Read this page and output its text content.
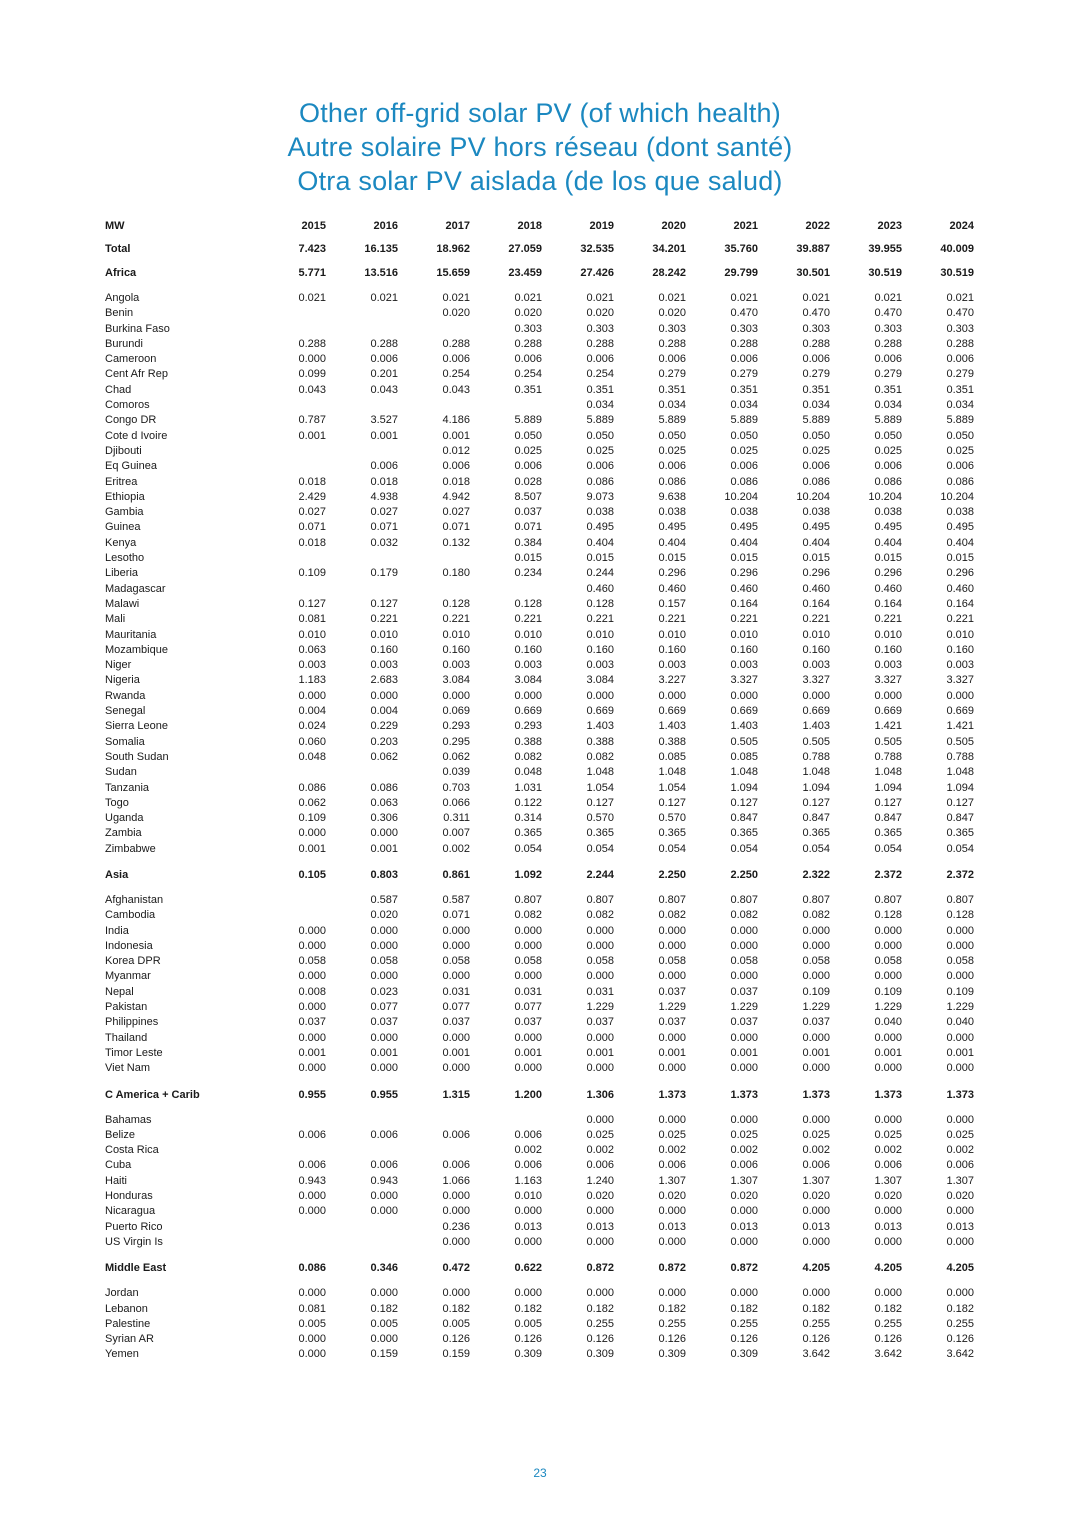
Other off-grid solar PV (of which health)
Autre solaire PV hors réseau (dont santé)
Otra solar PV aislada (de los que salud)
MW	2015	2016	2017	2018	2019	2020	2021	2022	2023	2024
Total	7.423	16.135	18.962	27.059	32.535	34.201	35.760	39.887	39.955	40.009
Africa	5.771	13.516	15.659	23.459	27.426	28.242	29.799	30.501	30.519	30.519

Angola	0.021	0.021	0.021	0.021	0.021	0.021	0.021	0.021	0.021	0.021
Benin			0.020	0.020	0.020	0.020	0.470	0.470	0.470	0.470
Burkina Faso				0.303	0.303	0.303	0.303	0.303	0.303	0.303
Burundi	0.288	0.288	0.288	0.288	0.288	0.288	0.288	0.288	0.288	0.288
Cameroon	0.000	0.006	0.006	0.006	0.006	0.006	0.006	0.006	0.006	0.006
Cent Afr Rep	0.099	0.201	0.254	0.254	0.254	0.279	0.279	0.279	0.279	0.279
Chad	0.043	0.043	0.043	0.351	0.351	0.351	0.351	0.351	0.351	0.351
Comoros					0.034	0.034	0.034	0.034	0.034	0.034
Congo DR	0.787	3.527	4.186	5.889	5.889	5.889	5.889	5.889	5.889	5.889
Cote d Ivoire	0.001	0.001	0.001	0.050	0.050	0.050	0.050	0.050	0.050	0.050
Djibouti			0.012	0.025	0.025	0.025	0.025	0.025	0.025	0.025
Eq Guinea		0.006	0.006	0.006	0.006	0.006	0.006	0.006	0.006	0.006
Eritrea	0.018	0.018	0.018	0.028	0.086	0.086	0.086	0.086	0.086	0.086
Ethiopia	2.429	4.938	4.942	8.507	9.073	9.638	10.204	10.204	10.204	10.204
Gambia	0.027	0.027	0.027	0.037	0.038	0.038	0.038	0.038	0.038	0.038
Guinea	0.071	0.071	0.071	0.071	0.495	0.495	0.495	0.495	0.495	0.495
Kenya	0.018	0.032	0.132	0.384	0.404	0.404	0.404	0.404	0.404	0.404
Lesotho				0.015	0.015	0.015	0.015	0.015	0.015	0.015
Liberia	0.109	0.179	0.180	0.234	0.244	0.296	0.296	0.296	0.296	0.296
Madagascar					0.460	0.460	0.460	0.460	0.460	0.460
Malawi	0.127	0.127	0.128	0.128	0.128	0.157	0.164	0.164	0.164	0.164
Mali	0.081	0.221	0.221	0.221	0.221	0.221	0.221	0.221	0.221	0.221
Mauritania	0.010	0.010	0.010	0.010	0.010	0.010	0.010	0.010	0.010	0.010
Mozambique	0.063	0.160	0.160	0.160	0.160	0.160	0.160	0.160	0.160	0.160
Niger	0.003	0.003	0.003	0.003	0.003	0.003	0.003	0.003	0.003	0.003
Nigeria	1.183	2.683	3.084	3.084	3.084	3.227	3.327	3.327	3.327	3.327
Rwanda	0.000	0.000	0.000	0.000	0.000	0.000	0.000	0.000	0.000	0.000
Senegal	0.004	0.004	0.069	0.669	0.669	0.669	0.669	0.669	0.669	0.669
Sierra Leone	0.024	0.229	0.293	0.293	1.403	1.403	1.403	1.403	1.421	1.421
Somalia	0.060	0.203	0.295	0.388	0.388	0.388	0.505	0.505	0.505	0.505
South Sudan	0.048	0.062	0.062	0.082	0.082	0.085	0.085	0.788	0.788	0.788
Sudan			0.039	0.048	1.048	1.048	1.048	1.048	1.048	1.048
Tanzania	0.086	0.086	0.703	1.031	1.054	1.054	1.094	1.094	1.094	1.094
Togo	0.062	0.063	0.066	0.122	0.127	0.127	0.127	0.127	0.127	0.127
Uganda	0.109	0.306	0.311	0.314	0.570	0.570	0.847	0.847	0.847	0.847
Zambia	0.000	0.000	0.007	0.365	0.365	0.365	0.365	0.365	0.365	0.365
Zimbabwe	0.001	0.001	0.002	0.054	0.054	0.054	0.054	0.054	0.054	0.054

Asia	0.105	0.803	0.861	1.092	2.244	2.250	2.250	2.322	2.372	2.372

Afghanistan		0.587	0.587	0.807	0.807	0.807	0.807	0.807	0.807	0.807
Cambodia		0.020	0.071	0.082	0.082	0.082	0.082	0.082	0.128	0.128
India	0.000	0.000	0.000	0.000	0.000	0.000	0.000	0.000	0.000	0.000
Indonesia	0.000	0.000	0.000	0.000	0.000	0.000	0.000	0.000	0.000	0.000
Korea DPR	0.058	0.058	0.058	0.058	0.058	0.058	0.058	0.058	0.058	0.058
Myanmar	0.000	0.000	0.000	0.000	0.000	0.000	0.000	0.000	0.000	0.000
Nepal	0.008	0.023	0.031	0.031	0.031	0.037	0.037	0.109	0.109	0.109
Pakistan	0.000	0.077	0.077	0.077	1.229	1.229	1.229	1.229	1.229	1.229
Philippines	0.037	0.037	0.037	0.037	0.037	0.037	0.037	0.037	0.040	0.040
Thailand	0.000	0.000	0.000	0.000	0.000	0.000	0.000	0.000	0.000	0.000
Timor Leste	0.001	0.001	0.001	0.001	0.001	0.001	0.001	0.001	0.001	0.001
Viet Nam	0.000	0.000	0.000	0.000	0.000	0.000	0.000	0.000	0.000	0.000

C America + Carib	0.955	0.955	1.315	1.200	1.306	1.373	1.373	1.373	1.373	1.373

Bahamas					0.000	0.000	0.000	0.000	0.000	0.000
Belize	0.006	0.006	0.006	0.006	0.025	0.025	0.025	0.025	0.025	0.025
Costa Rica				0.002	0.002	0.002	0.002	0.002	0.002	0.002
Cuba	0.006	0.006	0.006	0.006	0.006	0.006	0.006	0.006	0.006	0.006
Haiti	0.943	0.943	1.066	1.163	1.240	1.307	1.307	1.307	1.307	1.307
Honduras	0.000	0.000	0.000	0.010	0.020	0.020	0.020	0.020	0.020	0.020
Nicaragua	0.000	0.000	0.000	0.000	0.000	0.000	0.000	0.000	0.000	0.000
Puerto Rico			0.236	0.013	0.013	0.013	0.013	0.013	0.013	0.013
US Virgin Is			0.000	0.000	0.000	0.000	0.000	0.000	0.000	0.000

Middle East	0.086	0.346	0.472	0.622	0.872	0.872	0.872	4.205	4.205	4.205

Jordan	0.000	0.000	0.000	0.000	0.000	0.000	0.000	0.000	0.000	0.000
Lebanon	0.081	0.182	0.182	0.182	0.182	0.182	0.182	0.182	0.182	0.182
Palestine	0.005	0.005	0.005	0.005	0.255	0.255	0.255	0.255	0.255	0.255
Syrian AR	0.000	0.000	0.126	0.126	0.126	0.126	0.126	0.126	0.126	0.126
Yemen	0.000	0.159	0.159	0.309	0.309	0.309	0.309	3.642	3.642	3.642
23
